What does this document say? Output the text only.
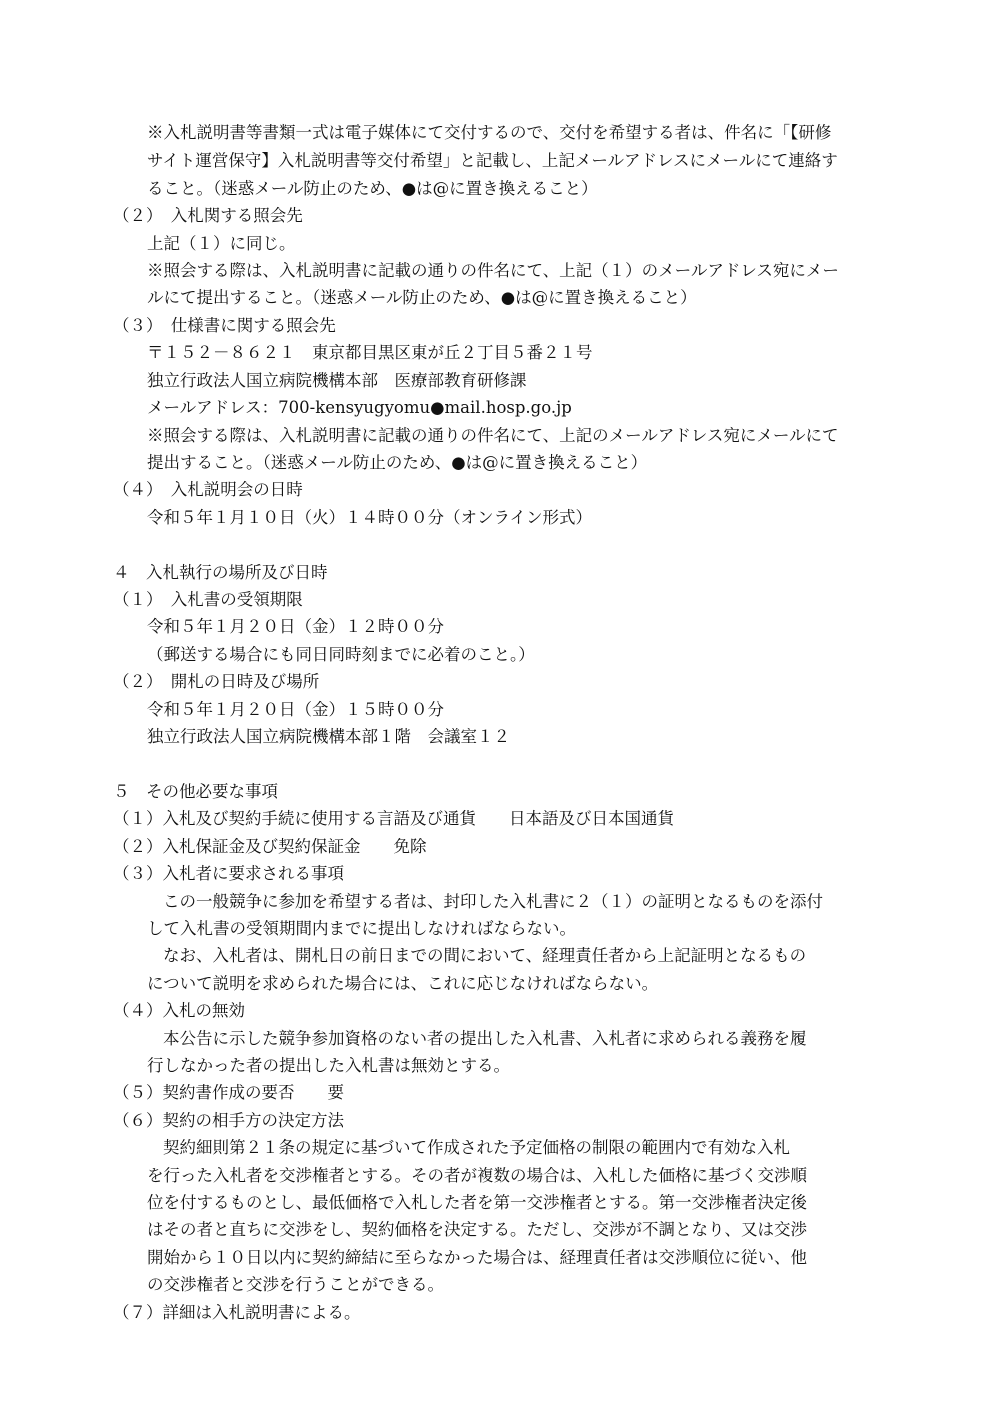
※入札説明書等書類一式は電子媒体にて交付するので、交付を希望する者は、件名に「【研修
サイト運営保守】入札説明書等交付希望」と記載し、上記メールアドレスにメールにて連絡す
ること。（迷惑メール防止のため、●は@に置き換えること）
（２）　入札関する照会先
上記（１）に同じ。
※照会する際は、入札説明書に記載の通りの件名にて、上記（１）のメールアドレス宛にメー
ルにて提出すること。（迷惑メール防止のため、●は@に置き換えること）
（３）　仕様書に関する照会先
〒１５２－８６２１　東京都目黒区東が丘２丁目５番２１号
独立行政法人国立病院機構本部　医療部教育研修課
メールアドレス：700-kensyugyomu●mail.hosp.go.jp
※照会する際は、入札説明書に記載の通りの件名にて、上記のメールアドレス宛にメールにて
提出すること。（迷惑メール防止のため、●は@に置き換えること）
（４）　入札説明会の日時
令和５年１月１０日（火）１４時００分（オンライン形式）
４　入札執行の場所及び日時
（１）　入札書の受領期限
令和５年１月２０日（金）１２時００分
（郵送する場合にも同日同時刻までに必着のこと。）
（２）　開札の日時及び場所
令和５年１月２０日（金）１５時００分
独立行政法人国立病院機構本部１階　会議室１２
５　その他必要な事項
（１）入札及び契約手続に使用する言語及び通貨　　日本語及び日本国通貨
（２）入札保証金及び契約保証金　　免除
（３）入札者に要求される事項
この一般競争に参加を希望する者は、封印した入札書に２（１）の証明となるものを添付
して入札書の受領期間内までに提出しなければならない。
なお、入札者は、開札日の前日までの間において、経理責任者から上記証明となるもの
について説明を求められた場合には、これに応じなければならない。
（４）入札の無効
本公告に示した競争参加資格のない者の提出した入札書、入札者に求められる義務を履
行しなかった者の提出した入札書は無効とする。
（５）契約書作成の要否　　要
（６）契約の相手方の決定方法
契約細則第２１条の規定に基づいて作成された予定価格の制限の範囲内で有効な入札
を行った入札者を交渉権者とする。その者が複数の場合は、入札した価格に基づく交渉順
位を付するものとし、最低価格で入札した者を第一交渉権者とする。第一交渉権者決定後
はその者と直ちに交渉をし、契約価格を決定する。ただし、交渉が不調となり、又は交渉
開始から１０日以内に契約締結に至らなかった場合は、経理責任者は交渉順位に従い、他
の交渉権者と交渉を行うことができる。
（７）詳細は入札説明書による。
